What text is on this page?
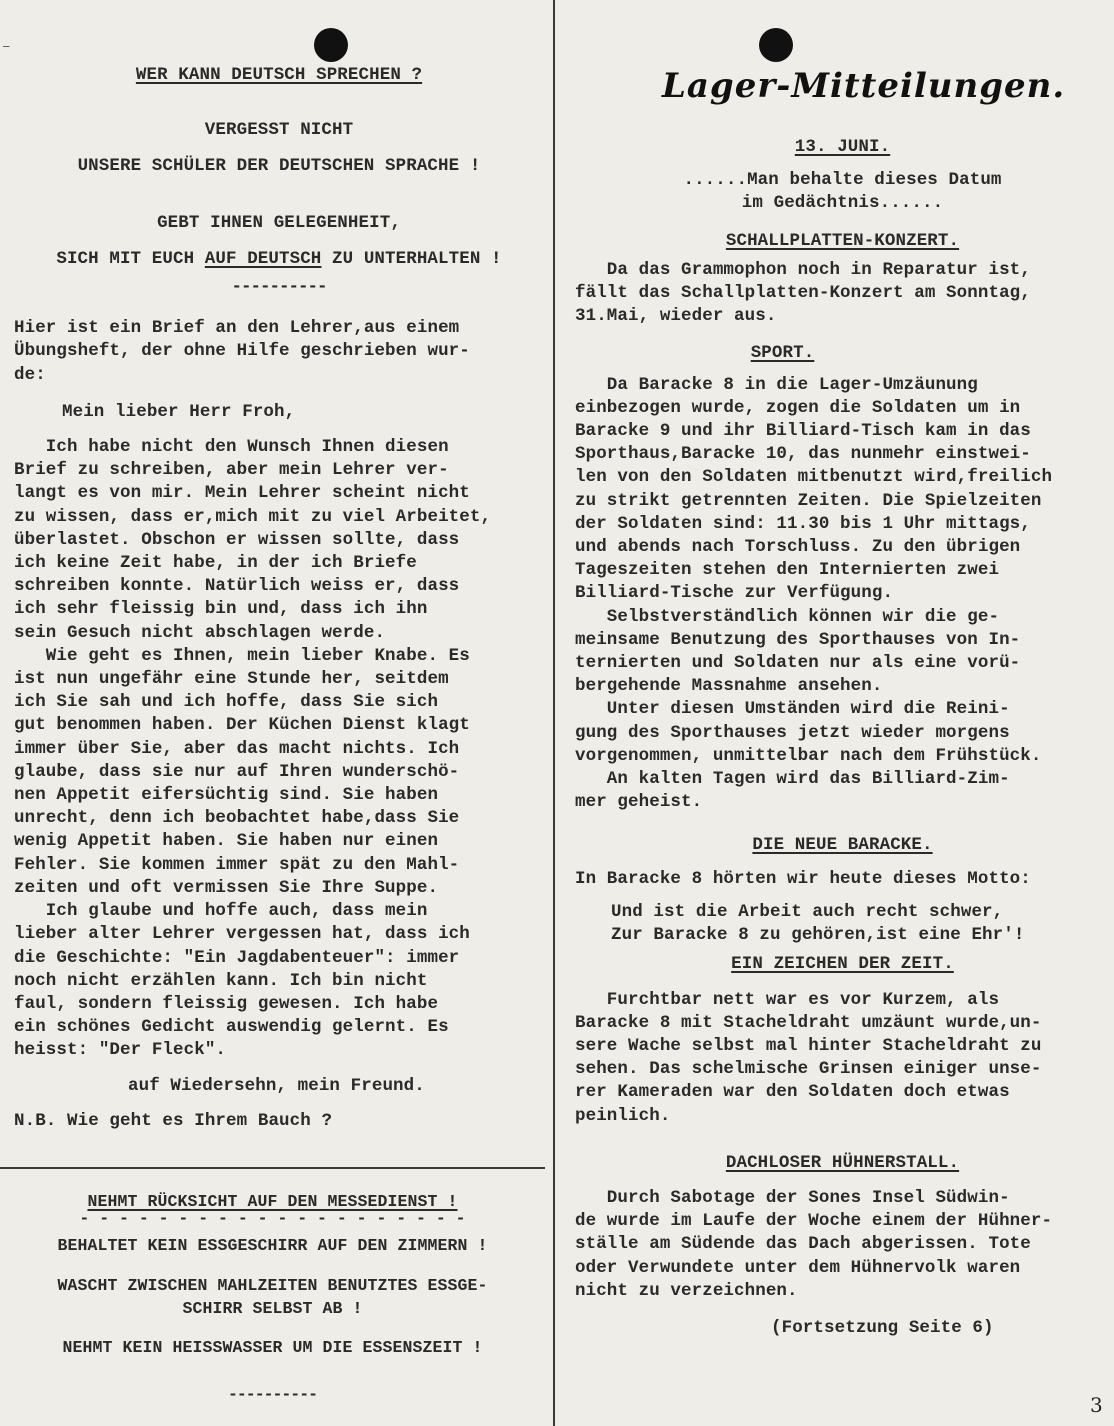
⁻

WER KANN DEUTSCH SPRECHEN ?

VERGESST NICHT

UNSERE SCHÜLER DER DEUTSCHEN SPRACHE !

GEBT IHNEN GELEGENHEIT,

SICH MIT EUCH AUF DEUTSCH ZU UNTERHALTEN !

----------

Hier ist ein Brief an den Lehrer,aus einem
Übungsheft, der ohne Hilfe geschrieben wur-
de:

Mein lieber Herr Froh,

Ich habe nicht den Wunsch Ihnen diesen
Brief zu schreiben, aber mein Lehrer ver-
langt es von mir. Mein Lehrer scheint nicht
zu wissen, dass er,mich mit zu viel Arbeitet,
überlastet. Obschon er wissen sollte, dass
ich keine Zeit habe, in der ich Briefe
schreiben konnte. Natürlich weiss er, dass
ich sehr fleissig bin und, dass ich ihn
sein Gesuch nicht abschlagen werde.
Wie geht es Ihnen, mein lieber Knabe. Es
ist nun ungefähr eine Stunde her, seitdem
ich Sie sah und ich hoffe, dass Sie sich
gut benommen haben. Der Küchen Dienst klagt
immer über Sie, aber das macht nichts. Ich
glaube, dass sie nur auf Ihren wunderschö-
nen Appetit eifersüchtig sind. Sie haben
unrecht, denn ich beobachtet habe,dass Sie
wenig Appetit haben. Sie haben nur einen
Fehler. Sie kommen immer spät zu den Mahl-
zeiten und oft vermissen Sie Ihre Suppe.
Ich glaube und hoffe auch, dass mein
lieber alter Lehrer vergessen hat, dass ich
die Geschichte: "Ein Jagdabenteuer": immer
noch nicht erzählen kann. Ich bin nicht
faul, sondern fleissig gewesen. Ich habe
ein schönes Gedicht auswendig gelernt. Es
heisst: "Der Fleck".

auf Wiedersehn, mein Freund.

N.B. Wie geht es Ihrem Bauch ?

NEHMT RÜCKSICHT AUF DEN MESSEDIENST !

- - - - - - - - - - - - - - - - - - - -

BEHALTET KEIN ESSGESCHIRR AUF DEN ZIMMERN !

WASCHT ZWISCHEN MAHLZEITEN BENUTZTES ESSGE-
SCHIRR SELBST AB !

NEHMT KEIN HEISSWASSER UM DIE ESSENSZEIT !

----------

Lager-Mitteilungen.

13. JUNI.

......Man behalte dieses Datum
im Gedächtnis......

SCHALLPLATTEN-KONZERT.

Da das Grammophon noch in Reparatur ist,
fällt das Schallplatten-Konzert am Sonntag,
31.Mai, wieder aus.

SPORT.

Da Baracke 8 in die Lager-Umzäunung
einbezogen wurde, zogen die Soldaten um in
Baracke 9 und ihr Billiard-Tisch kam in das
Sporthaus,Baracke 10, das nunmehr einstwei-
len von den Soldaten mitbenutzt wird,freilich
zu strikt getrennten Zeiten. Die Spielzeiten
der Soldaten sind: 11.30 bis 1 Uhr mittags,
und abends nach Torschluss. Zu den übrigen
Tageszeiten stehen den Internierten zwei
Billiard-Tische zur Verfügung.
Selbstverständlich können wir die ge-
meinsame Benutzung des Sporthauses von In-
ternierten und Soldaten nur als eine vorü-
bergehende Massnahme ansehen.
Unter diesen Umständen wird die Reini-
gung des Sporthauses jetzt wieder morgens
vorgenommen, unmittelbar nach dem Frühstück.
An kalten Tagen wird das Billiard-Zim-
mer geheist.

DIE NEUE BARACKE.

In Baracke 8 hörten wir heute dieses Motto:

Und ist die Arbeit auch recht schwer,
Zur Baracke 8 zu gehören,ist eine Ehr'!

EIN ZEICHEN DER ZEIT.

Furchtbar nett war es vor Kurzem, als
Baracke 8 mit Stacheldraht umzäunt wurde,un-
sere Wache selbst mal hinter Stacheldraht zu
sehen. Das schelmische Grinsen einiger unse-
rer Kameraden war den Soldaten doch etwas
peinlich.

DACHLOSER HÜHNERSTALL.

Durch Sabotage der Sones Insel Südwin-
de wurde im Laufe der Woche einem der Hühner-
ställe am Südende das Dach abgerissen. Tote
oder Verwundete unter dem Hühnervolk waren
nicht zu verzeichnen.

(Fortsetzung Seite 6)

3
